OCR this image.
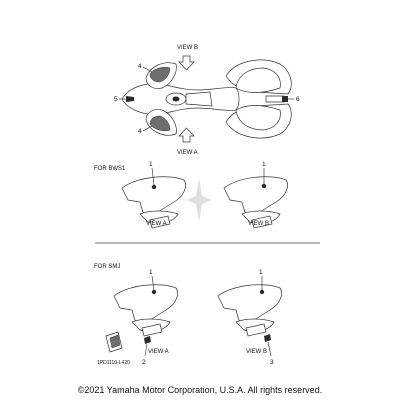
VIEW B
VIEW A
4
4
5	6
FOR BWS1
1	1
VIEW A	VIEW B
FOR SMJ
1	1
VIEW A	VIEW B
2	3
1PD1110-L420
©2021 Yamaha Motor Corporation, U.S.A. All rights reserved.
